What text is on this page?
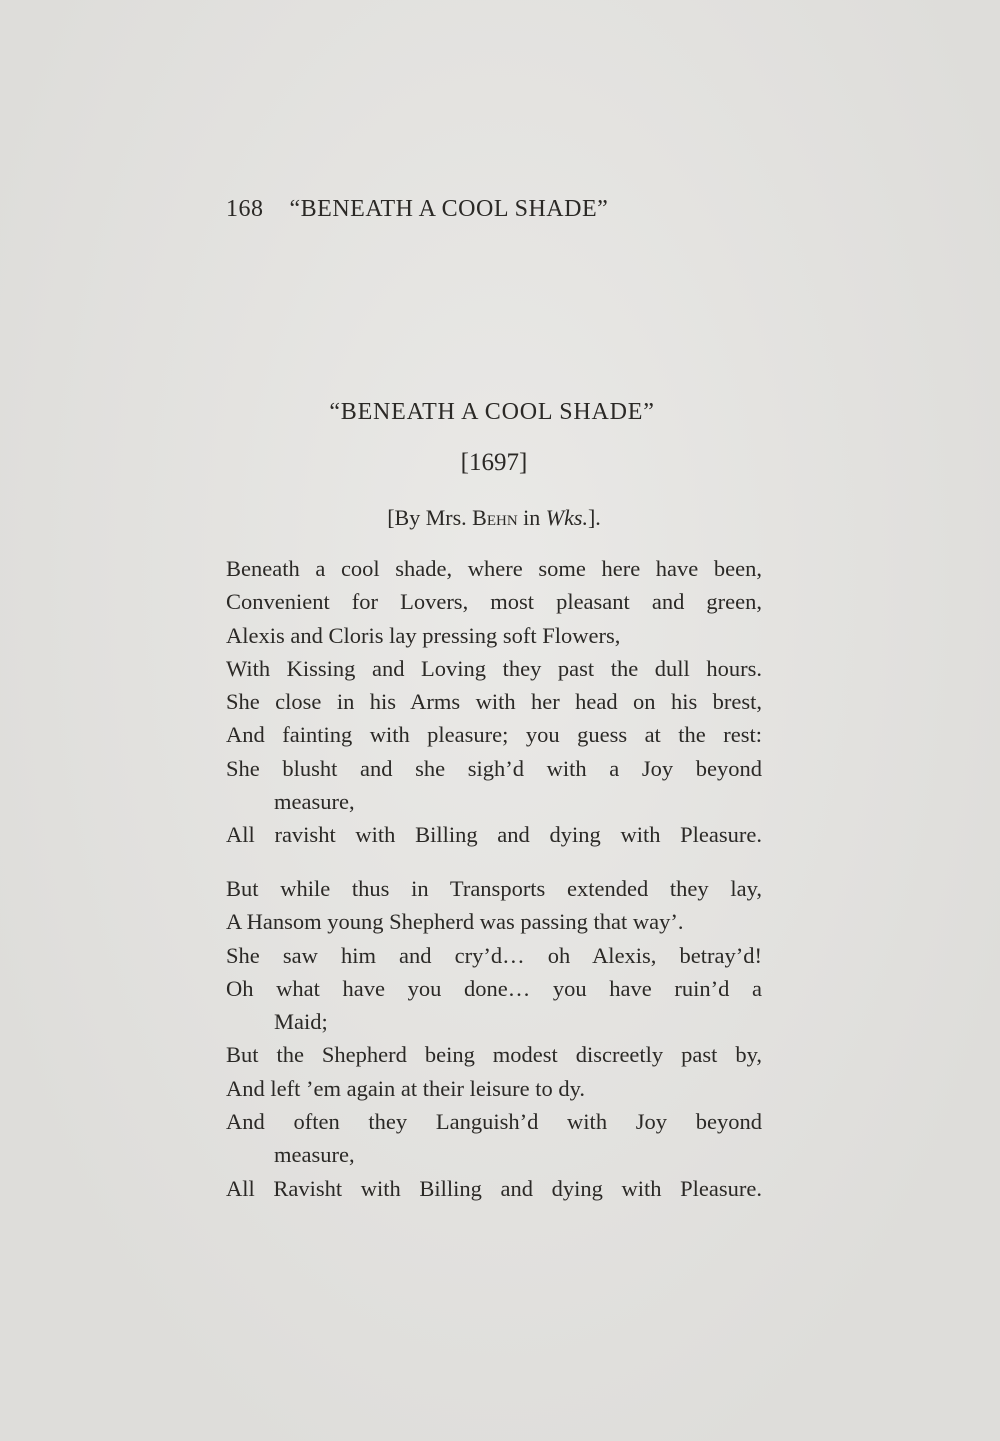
168 “BENEATH A COOL SHADE”
“BENEATH A COOL SHADE”
[1697]
[By Mrs. Behn in Wks.].
Beneath a cool shade, where some here have been,
Convenient for Lovers, most pleasant and green,
Alexis and Cloris lay pressing soft Flowers,
With Kissing and Loving they past the dull hours.
She close in his Arms with her head on his brest,
And fainting with pleasure; you guess at the rest:
She blusht and she sigh’d with a Joy beyond
measure,
All ravisht with Billing and dying with Pleasure.
But while thus in Transports extended they lay,
A Hansom young Shepherd was passing that way’.
She saw him and cry’d… oh Alexis, betray’d!
Oh what have you done… you have ruin’d a
Maid;
But the Shepherd being modest discreetly past by,
And left ’em again at their leisure to dy.
And often they Languish’d with Joy beyond
measure,
All Ravisht with Billing and dying with Pleasure.
